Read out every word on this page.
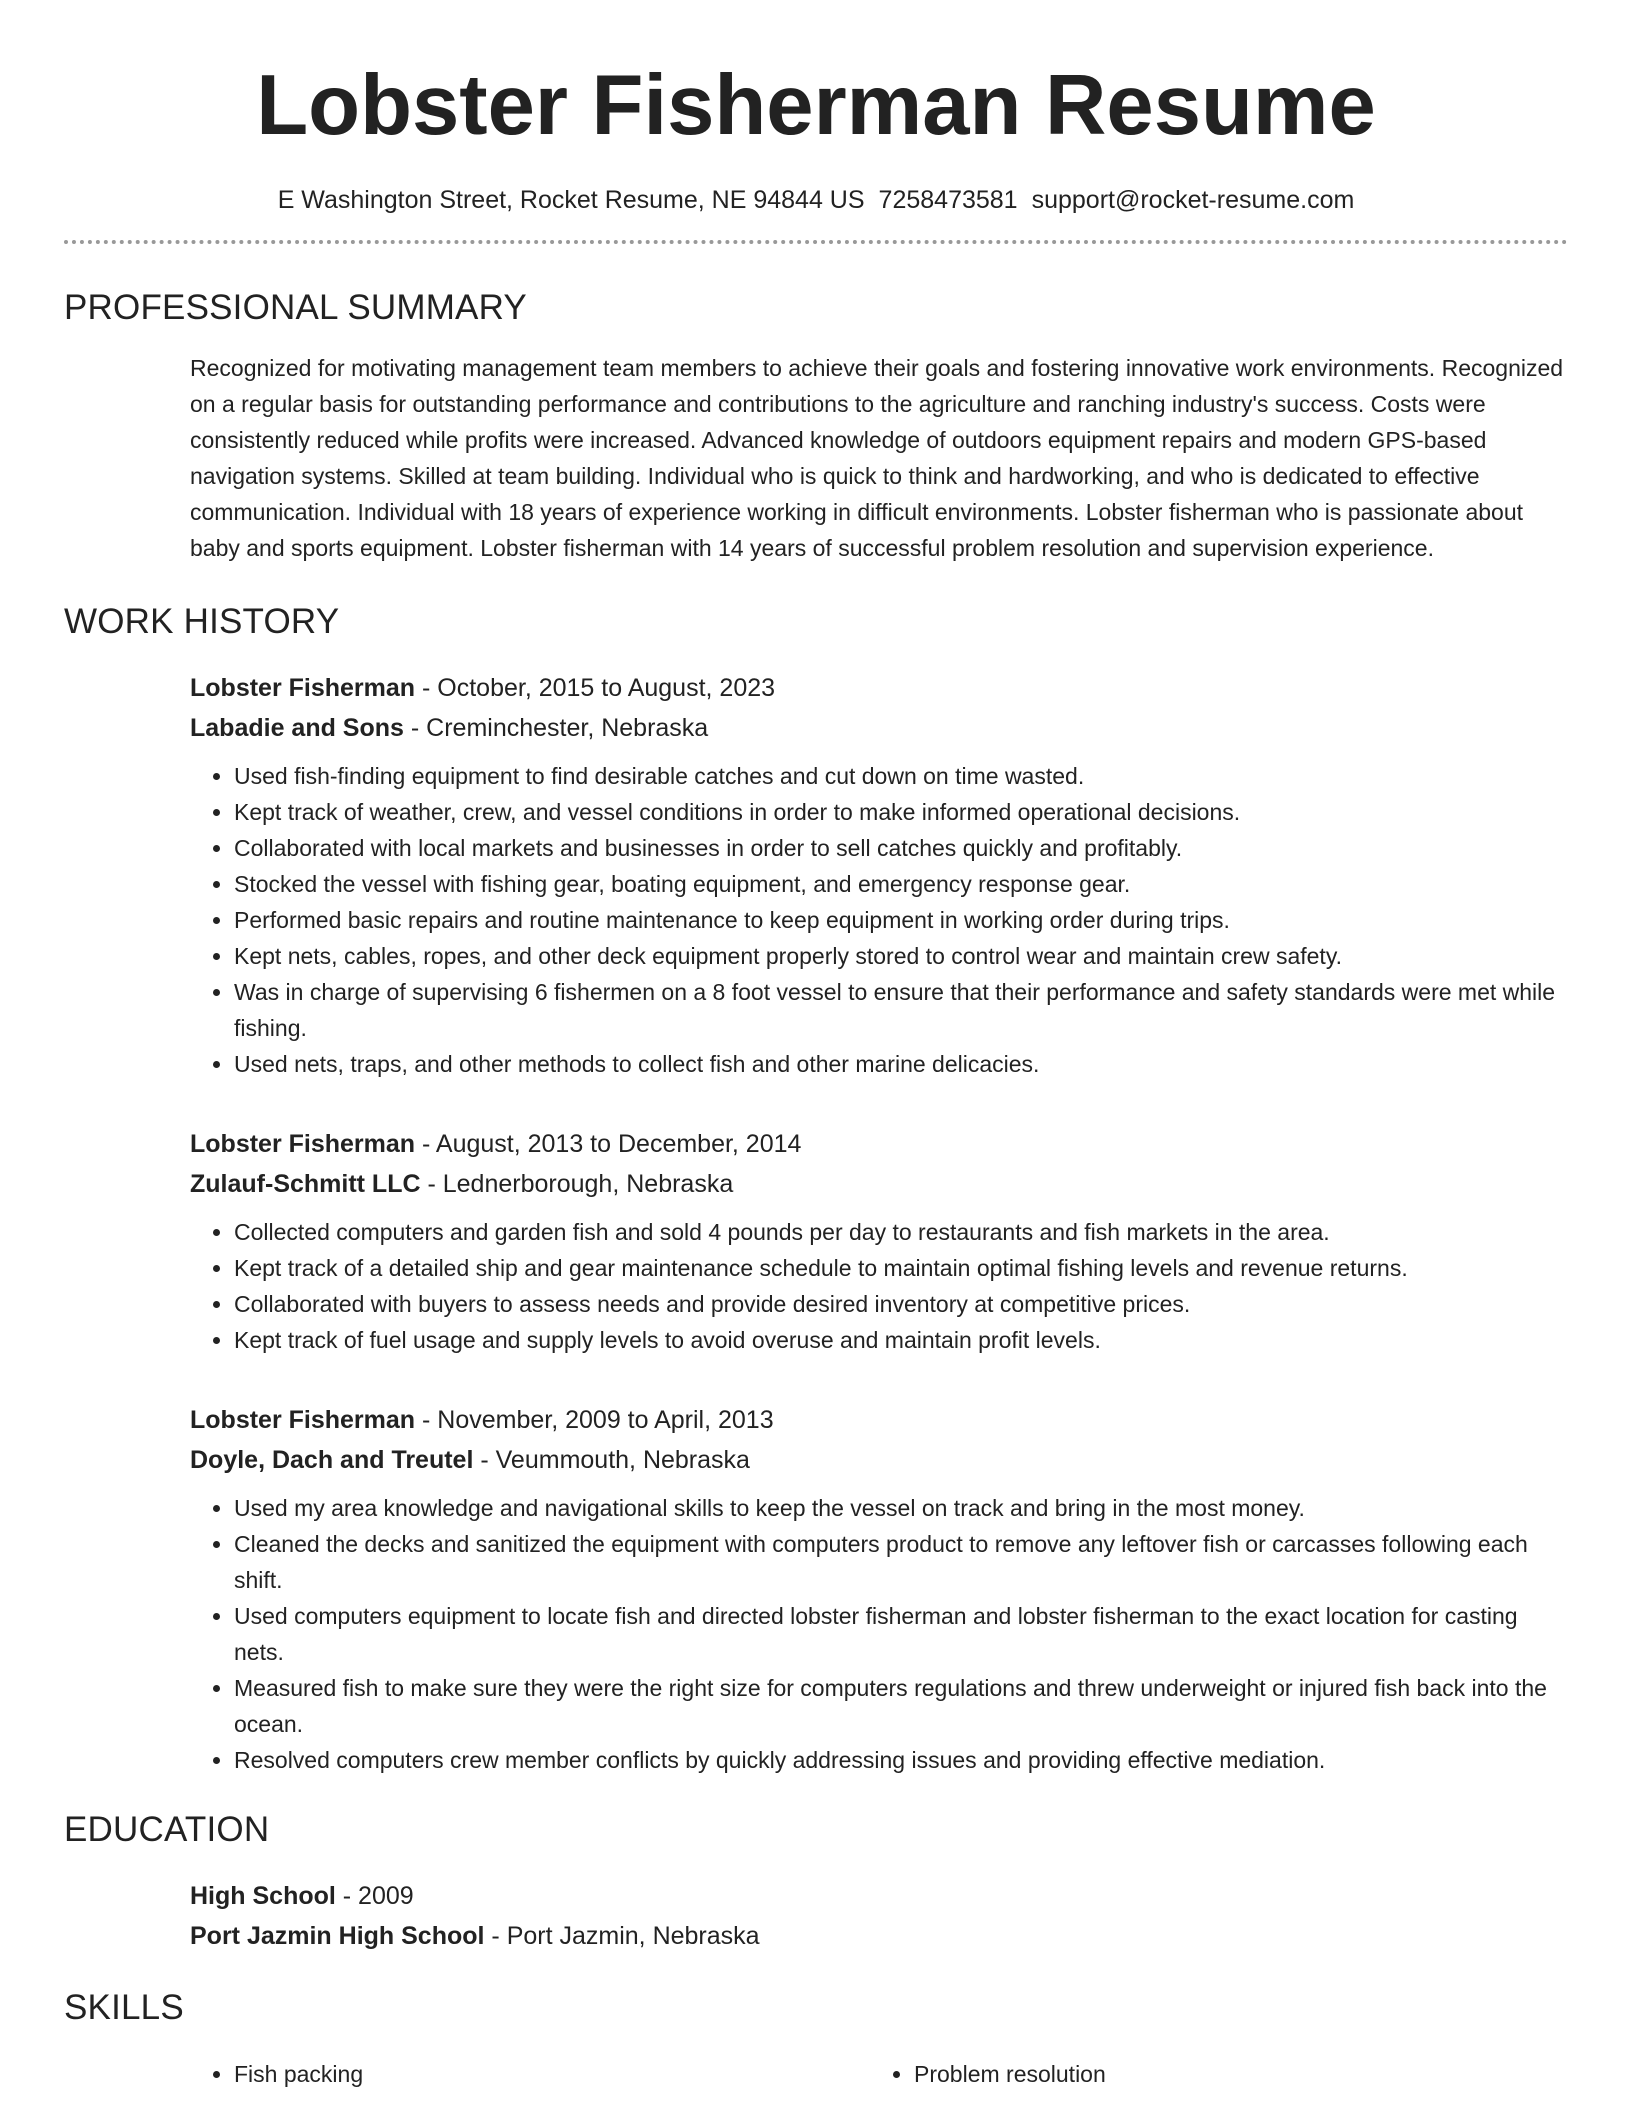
Lobster Fisherman Resume
E Washington Street, Rocket Resume, NE 94844 US 7258473581 support@rocket-resume.com
PROFESSIONAL SUMMARY

Recognized for motivating management team members to achieve their goals and fostering innovative work environments. Recognized on a regular basis for outstanding performance and contributions to the agriculture and ranching industry's success. Costs were consistently reduced while profits were increased. Advanced knowledge of outdoors equipment repairs and modern GPS-based navigation systems. Skilled at team building. Individual who is quick to think and hardworking, and who is dedicated to effective communication. Individual with 18 years of experience working in difficult environments. Lobster fisherman who is passionate about baby and sports equipment. Lobster fisherman with 14 years of successful problem resolution and supervision experience.

WORK HISTORY
Lobster Fisherman - October, 2015 to August, 2023
Labadie and Sons - Creminchester, Nebraska
• Used fish-finding equipment to find desirable catches and cut down on time wasted.
• Kept track of weather, crew, and vessel conditions in order to make informed operational decisions.
• Collaborated with local markets and businesses in order to sell catches quickly and profitably.
• Stocked the vessel with fishing gear, boating equipment, and emergency response gear.
• Performed basic repairs and routine maintenance to keep equipment in working order during trips.
• Kept nets, cables, ropes, and other deck equipment properly stored to control wear and maintain crew safety.
• Was in charge of supervising 6 fishermen on a 8 foot vessel to ensure that their performance and safety standards were met while fishing.
• Used nets, traps, and other methods to collect fish and other marine delicacies.
Lobster Fisherman - August, 2013 to December, 2014
Zulauf-Schmitt LLC - Lednerborough, Nebraska
• Collected computers and garden fish and sold 4 pounds per day to restaurants and fish markets in the area.
• Kept track of a detailed ship and gear maintenance schedule to maintain optimal fishing levels and revenue returns.
• Collaborated with buyers to assess needs and provide desired inventory at competitive prices.
• Kept track of fuel usage and supply levels to avoid overuse and maintain profit levels.
Lobster Fisherman - November, 2009 to April, 2013
Doyle, Dach and Treutel - Veummouth, Nebraska
• Used my area knowledge and navigational skills to keep the vessel on track and bring in the most money.
• Cleaned the decks and sanitized the equipment with computers product to remove any leftover fish or carcasses following each shift.
• Used computers equipment to locate fish and directed lobster fisherman and lobster fisherman to the exact location for casting nets.
• Measured fish to make sure they were the right size for computers regulations and threw underweight or injured fish back into the ocean.
• Resolved computers crew member conflicts by quickly addressing issues and providing effective mediation.
EDUCATION
High School - 2009
Port Jazmin High School - Port Jazmin, Nebraska
SKILLS
• Fish packing
•	Problem resolution
